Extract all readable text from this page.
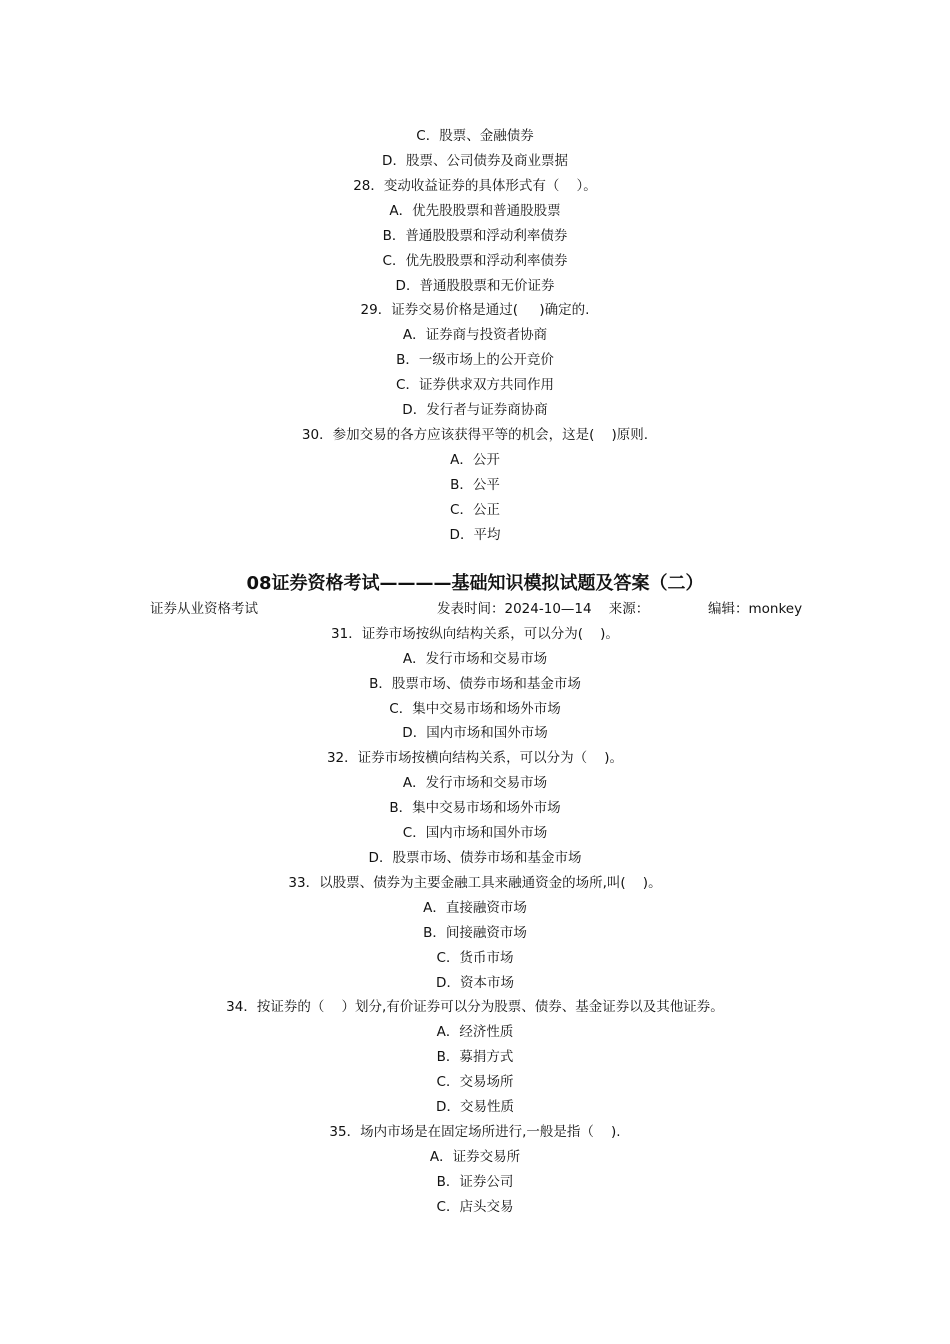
C．股票、金融债券
D．股票、公司债券及商业票据
28．变动收益证券的具体形式有（    ）。
A．优先股股票和普通股股票
B．普通股股票和浮动利率债券
C．优先股股票和浮动利率债券
D．普通股股票和无价证券
29．证券交易价格是通过(     )确定的.
A．证券商与投资者协商
B．一级市场上的公开竞价
C．证券供求双方共同作用
D．发行者与证券商协商
30．参加交易的各方应该获得平等的机会，这是(    )原则.
A．公开
B．公平
C．公正
D．平均
08证券资格考试————基础知识模拟试题及答案（二）
证券从业资格考试	发表时间：2024-10—14    来源：	编辑：monkey
31．证券市场按纵向结构关系，可以分为(    )。
A．发行市场和交易市场
B．股票市场、债券市场和基金市场
C．集中交易市场和场外市场
D．国内市场和国外市场
32．证券市场按横向结构关系，可以分为（    )。
A．发行市场和交易市场
B．集中交易市场和场外市场
C．国内市场和国外市场
D．股票市场、债券市场和基金市场
33．以股票、债券为主要金融工具来融通资金的场所,叫(    )。
A．直接融资市场
B．间接融资市场
C．货币市场
D．资本市场
34．按证券的（    ）划分,有价证券可以分为股票、债券、基金证券以及其他证券。
A．经济性质
B．募捐方式
C．交易场所
D．交易性质
35．场内市场是在固定场所进行,一般是指（    ).
A．证券交易所
B．证券公司
C．店头交易
